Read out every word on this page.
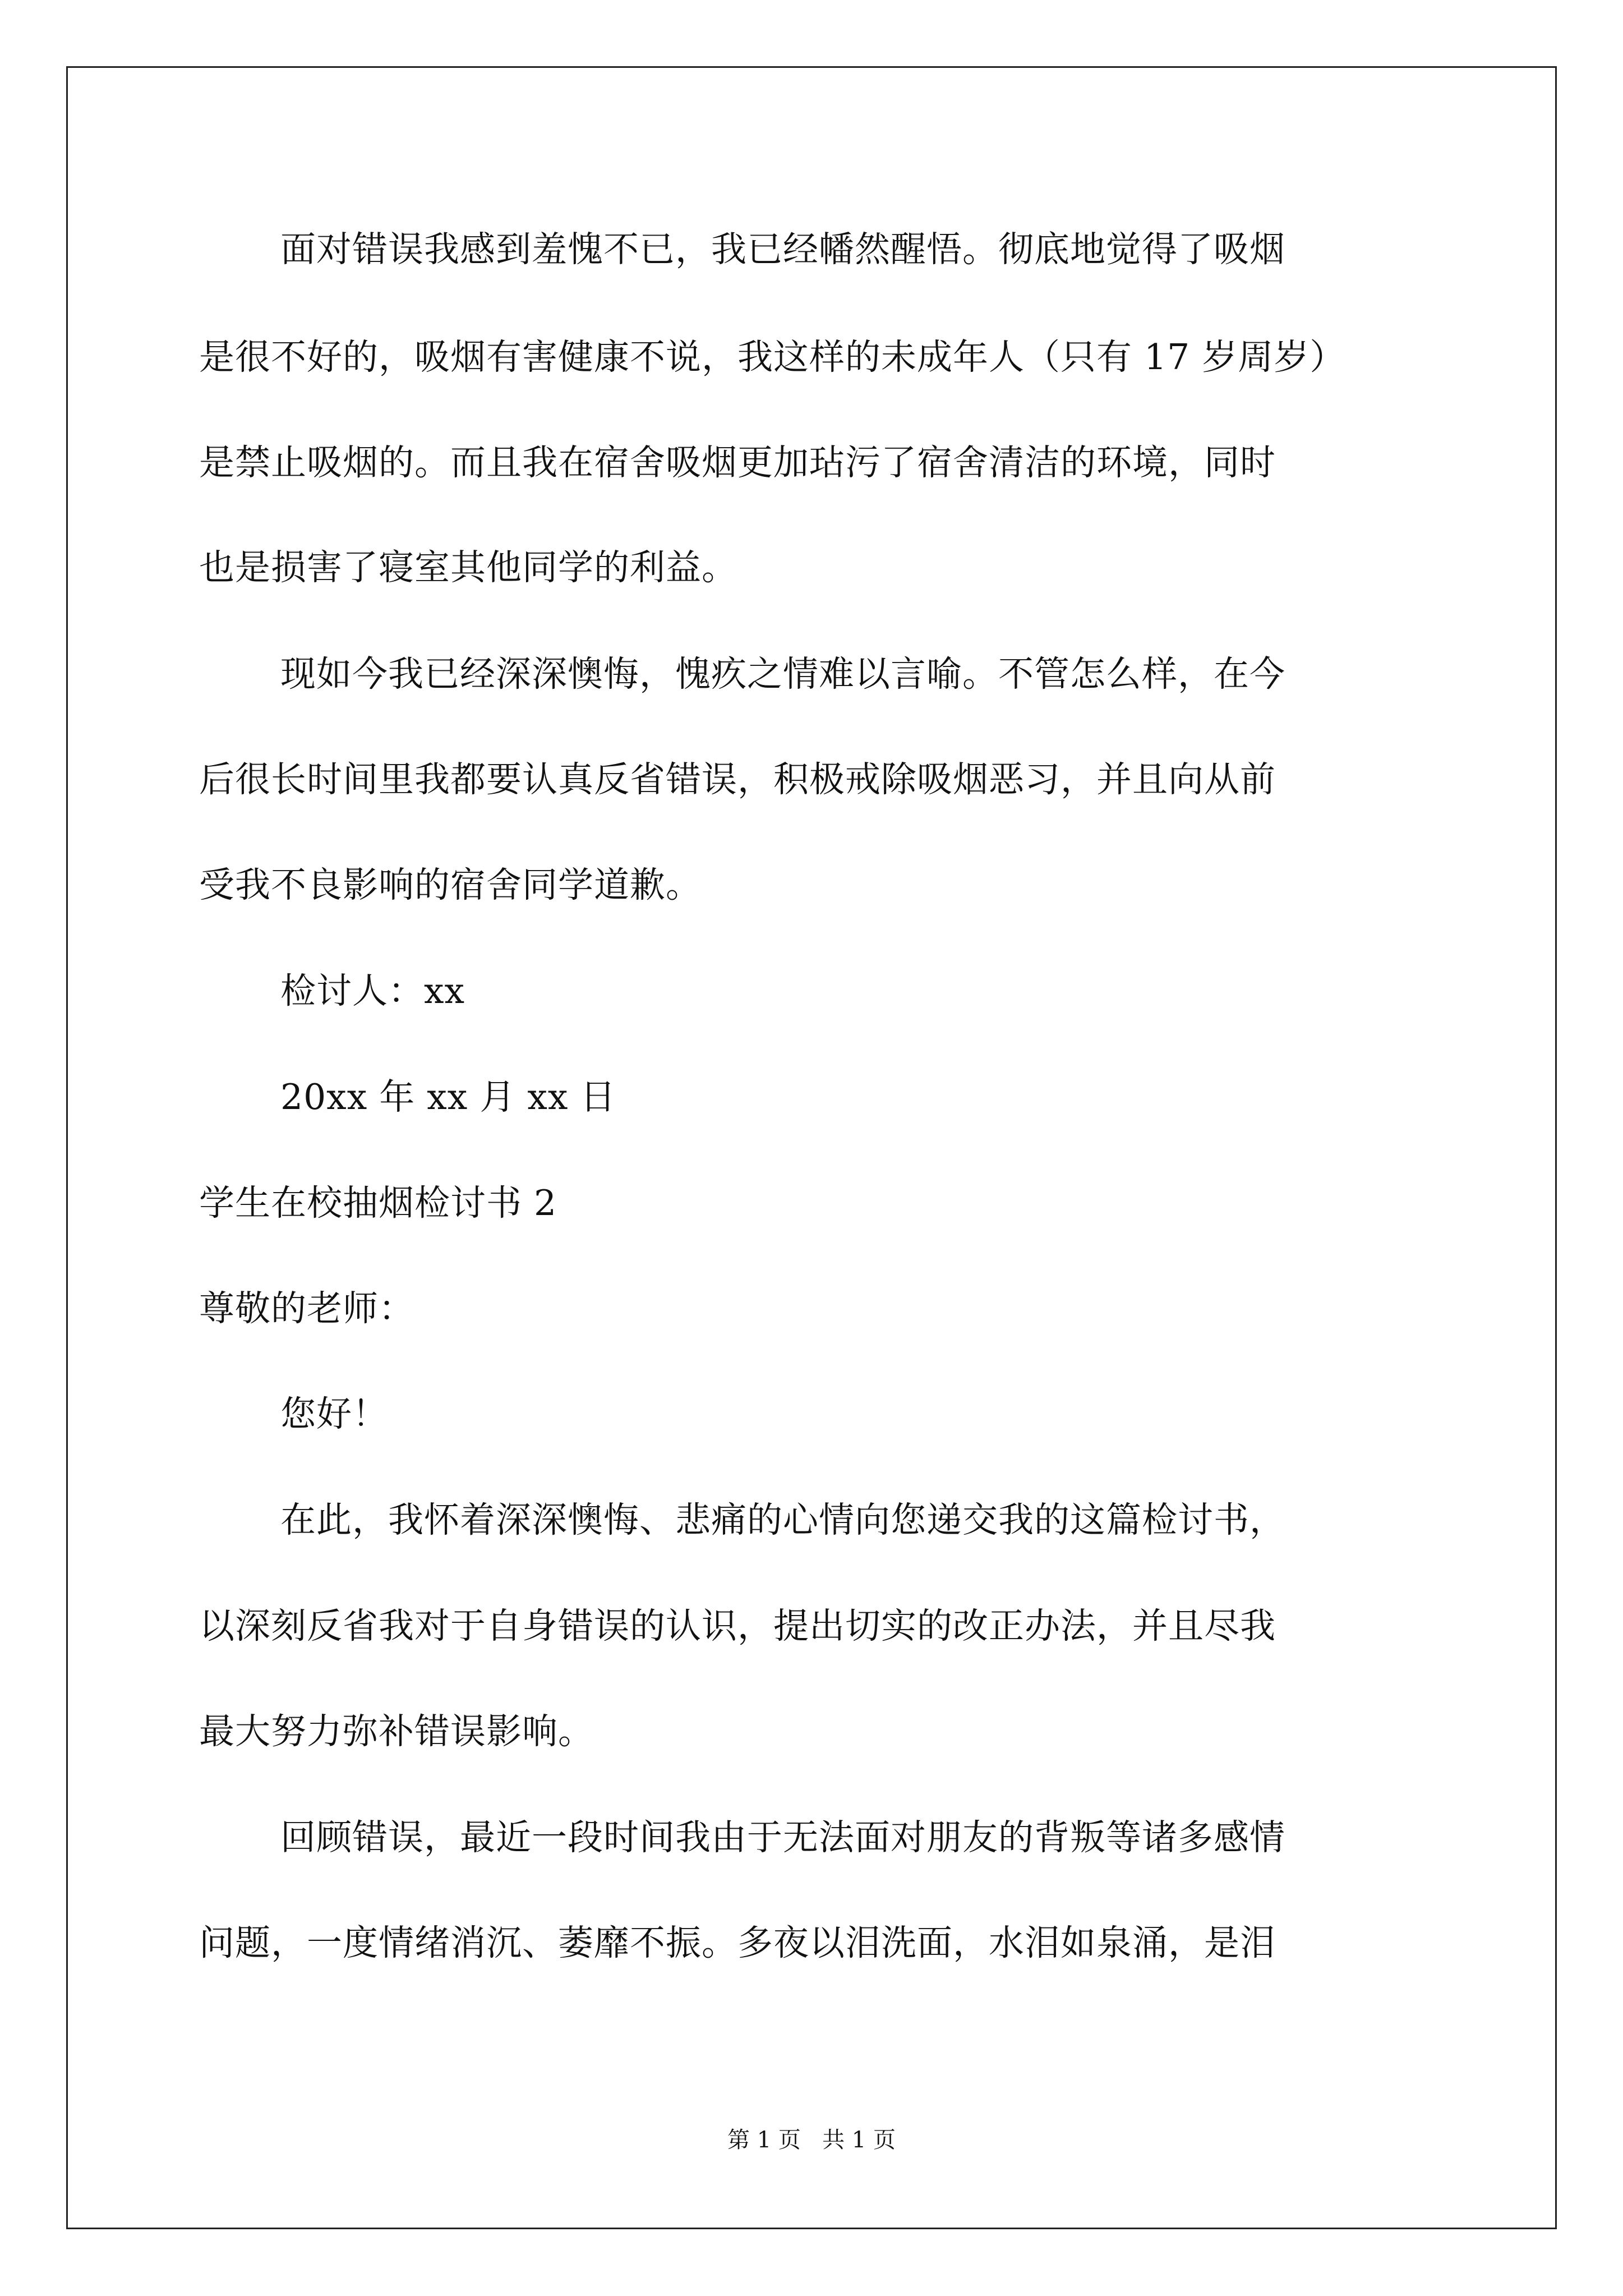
面对错误我感到羞愧不已，我已经幡然醒悟。彻底地觉得了吸烟
是很不好的，吸烟有害健康不说，我这样的未成年人（只有 17 岁周岁）
是禁止吸烟的。而且我在宿舍吸烟更加玷污了宿舍清洁的环境，同时
也是损害了寝室其他同学的利益。
现如今我已经深深懊悔，愧疚之情难以言喻。不管怎么样，在今
后很长时间里我都要认真反省错误，积极戒除吸烟恶习，并且向从前
受我不良影响的宿舍同学道歉。
检讨人：xx
20xx 年 xx 月 xx 日
学生在校抽烟检讨书 2
尊敬的老师：
您好！
在此，我怀着深深懊悔、悲痛的心情向您递交我的这篇检讨书，
以深刻反省我对于自身错误的认识，提出切实的改正办法，并且尽我
最大努力弥补错误影响。
回顾错误，最近一段时间我由于无法面对朋友的背叛等诸多感情
问题，一度情绪消沉、萎靡不振。多夜以泪洗面，水泪如泉涌，是泪
第 1 页   共 1 页
